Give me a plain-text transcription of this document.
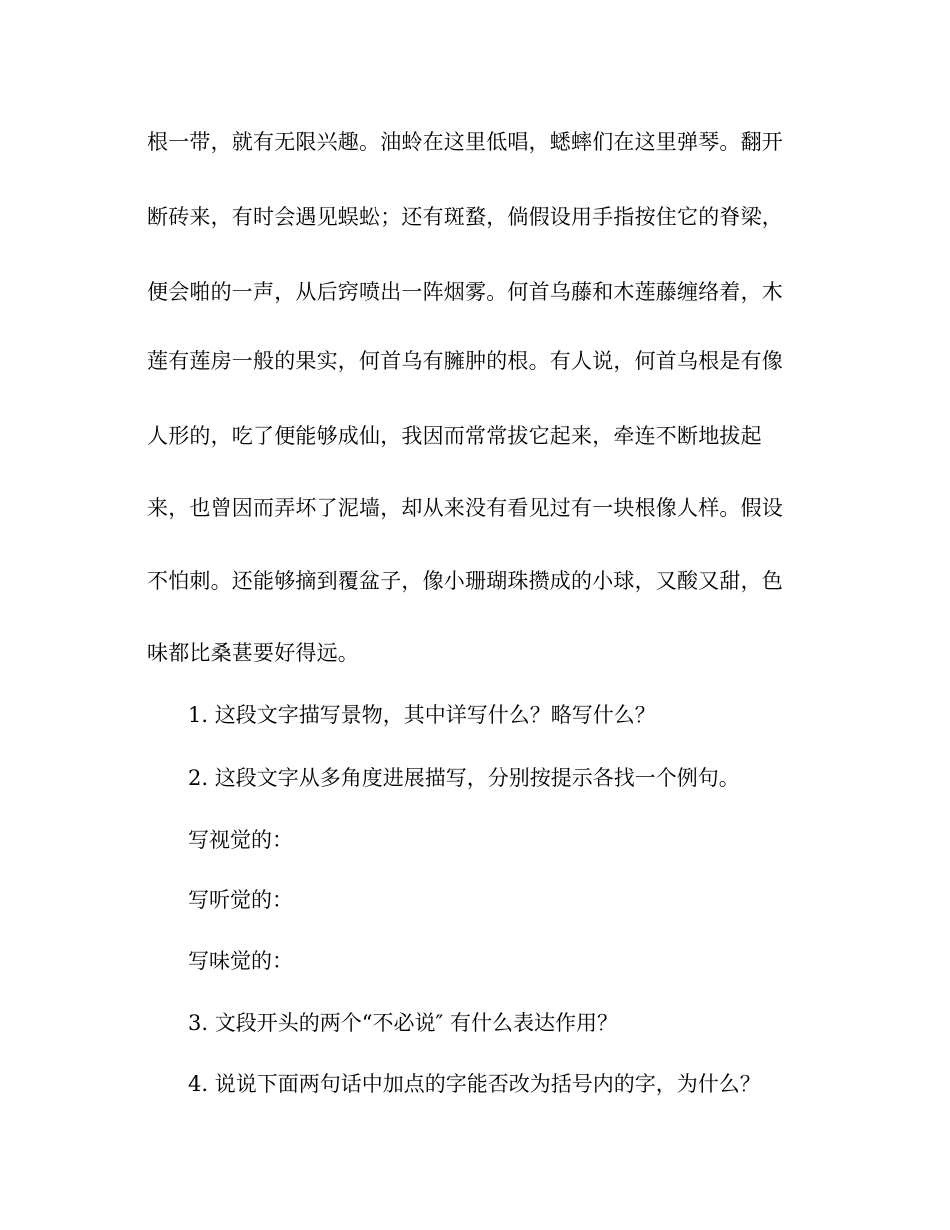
根一带，就有无限兴趣。油蛉在这里低唱，蟋蟀们在这里弹琴。翻开
断砖来，有时会遇见蜈蚣；还有斑蝥，倘假设用手指按住它的脊梁，
便会啪的一声，从后窍喷出一阵烟雾。何首乌藤和木莲藤缠络着，木
莲有莲房一般的果实，何首乌有臃肿的根。有人说，何首乌根是有像
人形的，吃了便能够成仙，我因而常常拔它起来，牵连不断地拔起
来，也曾因而弄坏了泥墙，却从来没有看见过有一块根像人样。假设
不怕刺。还能够摘到覆盆子，像小珊瑚珠攒成的小球，又酸又甜，色
味都比桑葚要好得远。
1. 这段文字描写景物，其中详写什么？略写什么？
2. 这段文字从多角度进展描写，分别按提示各找一个例句。
写视觉的：
写听觉的：
写味觉的：
3. 文段开头的两个“不必说″ 有什么表达作用？
4. 说说下面两句话中加点的字能否改为括号内的字，为什么？
